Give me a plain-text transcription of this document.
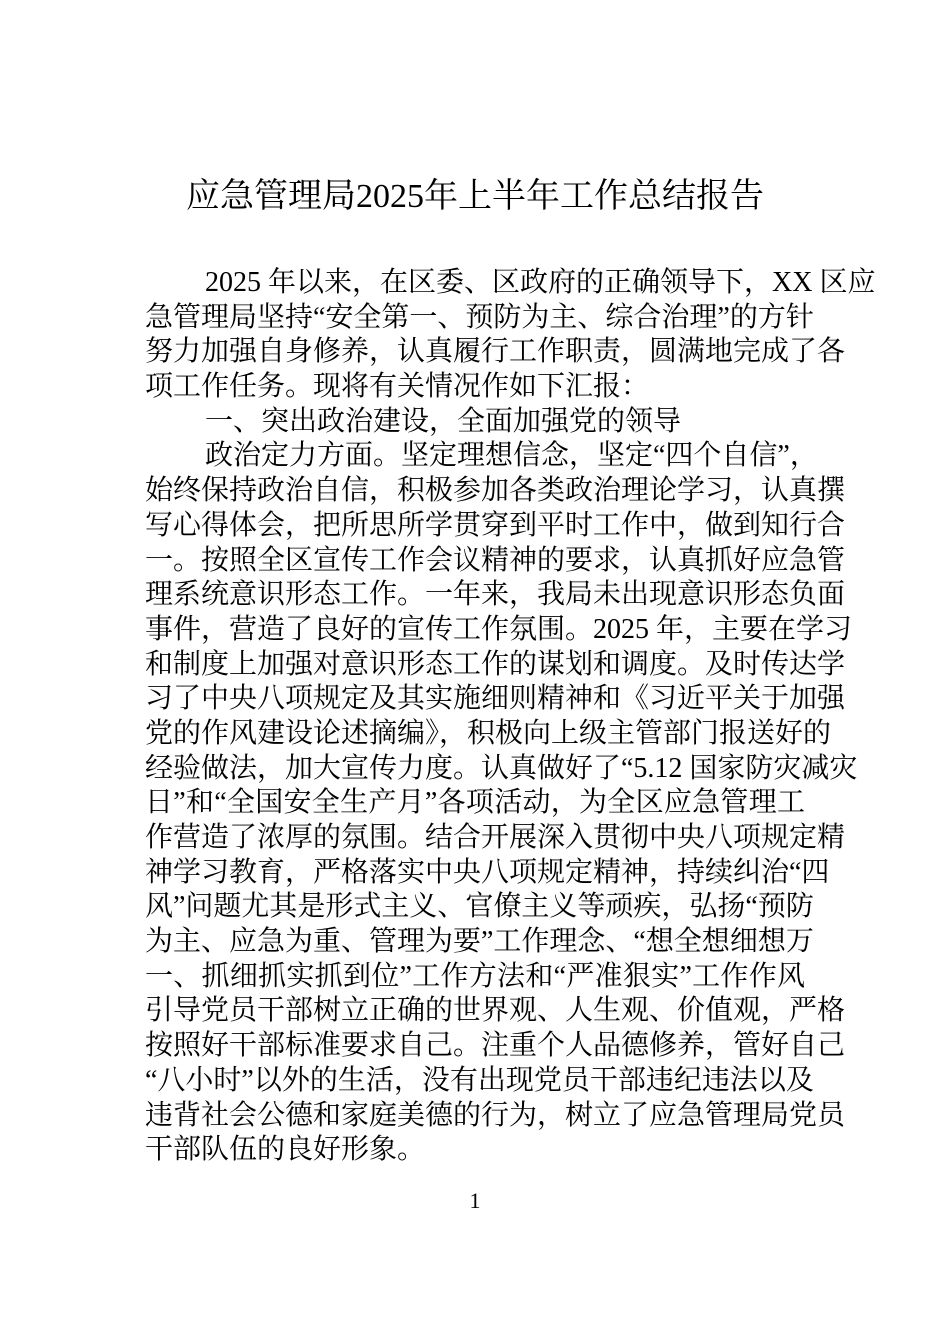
应急管理局2025年上半年工作总结报告
2025 年以来，在区委、区政府的正确领导下，XX 区应
急管理局坚持“安全第一、预防为主、综合治理”的方针
努力加强自身修养，认真履行工作职责，圆满地完成了各
项工作任务。现将有关情况作如下汇报：
一、突出政治建设，全面加强党的领导
政治定力方面。坚定理想信念，坚定“四个自信”，
始终保持政治自信，积极参加各类政治理论学习，认真撰
写心得体会，把所思所学贯穿到平时工作中，做到知行合
一。按照全区宣传工作会议精神的要求，认真抓好应急管
理系统意识形态工作。一年来，我局未出现意识形态负面
事件，营造了良好的宣传工作氛围。2025 年，主要在学习
和制度上加强对意识形态工作的谋划和调度。及时传达学
习了中央八项规定及其实施细则精神和《习近平关于加强
党的作风建设论述摘编》，积极向上级主管部门报送好的
经验做法，加大宣传力度。认真做好了“5.12 国家防灾减灾
日”和“全国安全生产月”各项活动，为全区应急管理工
作营造了浓厚的氛围。结合开展深入贯彻中央八项规定精
神学习教育，严格落实中央八项规定精神，持续纠治“四
风”问题尤其是形式主义、官僚主义等顽疾，弘扬“预防
为主、应急为重、管理为要”工作理念、“想全想细想万
一、抓细抓实抓到位”工作方法和“严准狠实”工作作风
引导党员干部树立正确的世界观、人生观、价值观，严格
按照好干部标准要求自己。注重个人品德修养，管好自己
“八小时”以外的生活，没有出现党员干部违纪违法以及
违背社会公德和家庭美德的行为，树立了应急管理局党员
干部队伍的良好形象。
1
